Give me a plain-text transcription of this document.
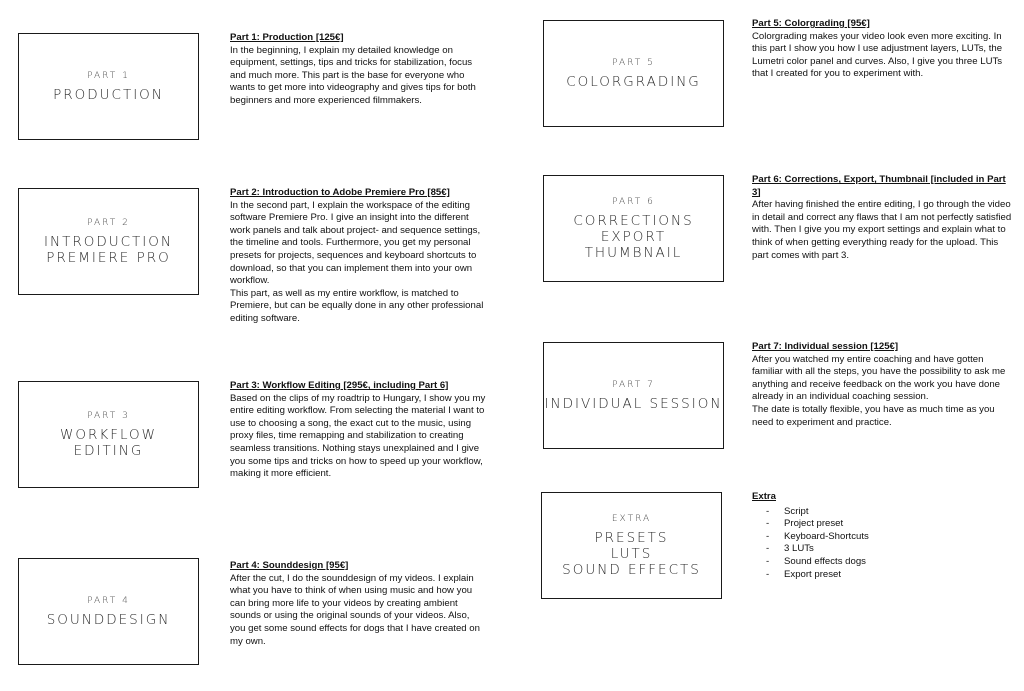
PART 1
PRODUCTION
Part 1: Production [125€]

In the beginning, I explain my detailed knowledge on equipment, settings, tips and tricks for stabilization, focus and much more. This part is the base for everyone who wants to get more into videography and gives tips for both beginners and more experienced filmmakers.

PART 2
INTRODUCTION
PREMIERE PRO
Part 2: Introduction to Adobe Premiere Pro [85€]

In the second part, I explain the workspace of the editing software Premiere Pro. I give an insight into the different work panels and talk about project- and sequence settings, the timeline and tools. Furthermore, you get my personal presets for projects, sequences and keyboard shortcuts to download, so that you can implement them into your own workflow.

This part, as well as my entire workflow, is matched to Premiere, but can be equally done in any other professional editing software.

PART 3
WORKFLOW
EDITING
Part 3: Workflow Editing [295€, including Part 6]

Based on the clips of my roadtrip to Hungary, I show you my entire editing workflow. From selecting the material I want to use to choosing a song, the exact cut to the music, using proxy files, time remapping and stabilization to creating seamless transitions. Nothing stays unexplained and I give you some tips and tricks on how to speed up your workflow, making it more efficient.

PART 4
SOUNDDESIGN
Part 4: Sounddesign [95€]

After the cut, I do the sounddesign of my videos. I explain what you have to think of when using music and how you can bring more life to your videos by creating ambient sounds or using the original sounds of your videos. Also, you get some sound effects for dogs that I have created on my own.

PART 5
COLORGRADING
Part 5: Colorgrading [95€]

Colorgrading makes your video look even more exciting. In this part I show you how I use adjustment layers, LUTs, the Lumetri color panel and curves. Also, I give you three LUTs that I created for you to experiment with.

PART 6
CORRECTIONS
EXPORT
THUMBNAIL
Part 6: Corrections, Export, Thumbnail [included in Part 3]

After having finished the entire editing, I go through the video in detail and correct any flaws that I am not perfectly satisfied with. Then I give you my export settings and explain what to think of when getting everything ready for the upload. This part comes with part 3.

PART 7
INDIVIDUAL SESSION
Part 7: Individual session [125€]

After you watched my entire coaching and have gotten familiar with all the steps, you have the possibility to ask me anything and receive feedback on the work you have done already in an individual coaching session.

The date is totally flexible, you have as much time as you need to experiment and practice.

EXTRA
PRESETS
LUTS
SOUND EFFECTS
Extra
- Script
- Project preset
- Keyboard-Shortcuts
- 3 LUTs
- Sound effects dogs
- Export preset
